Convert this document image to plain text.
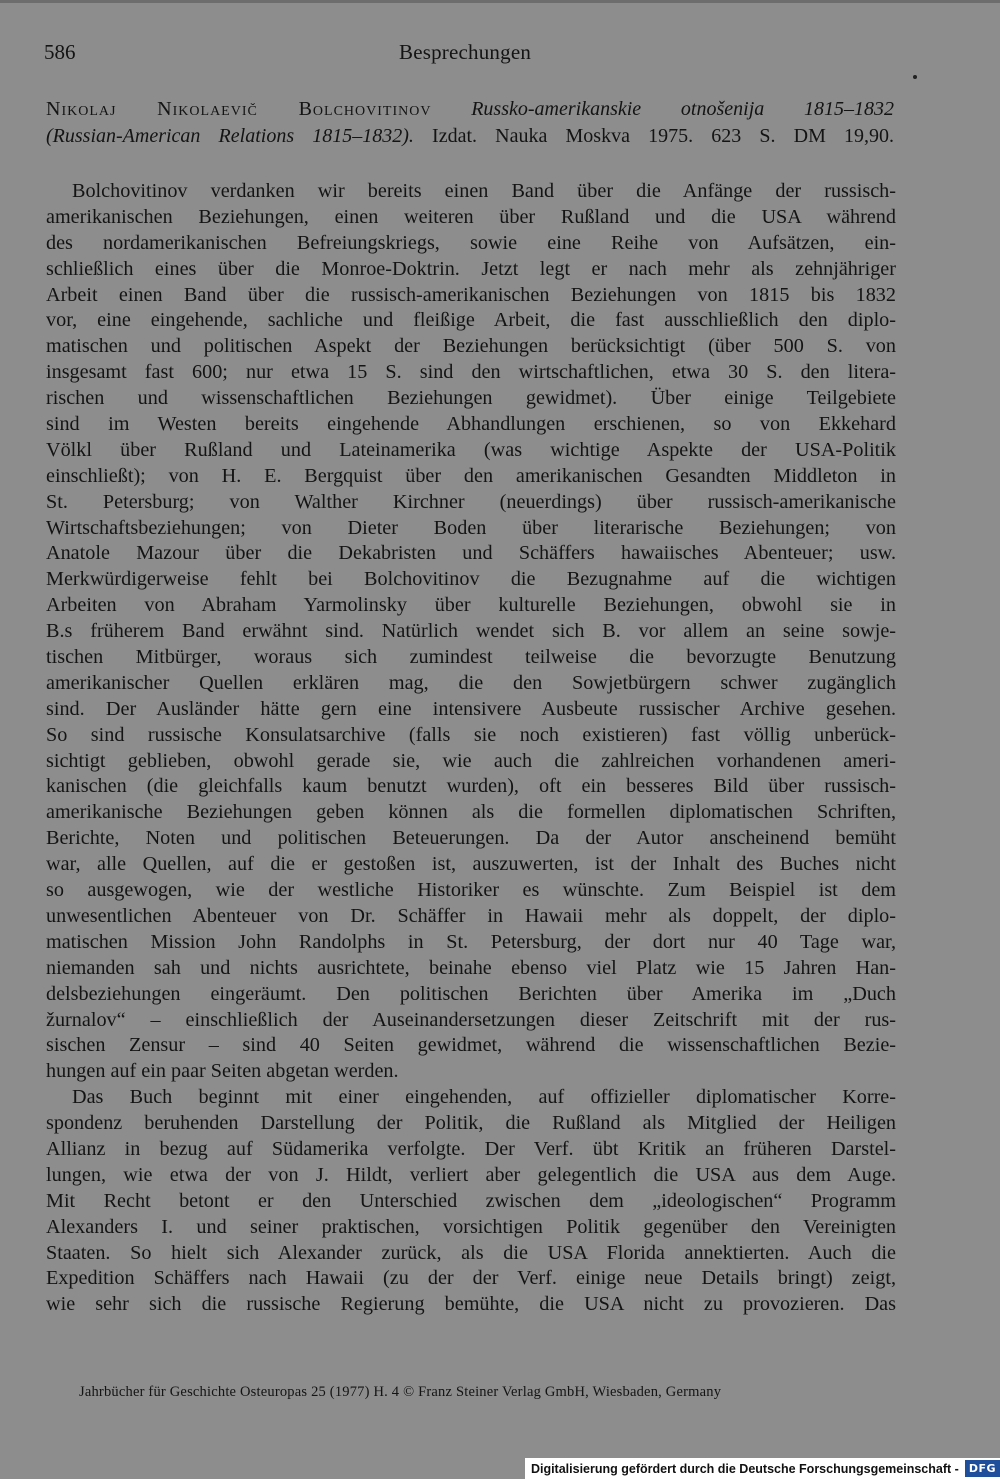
586	Besprechungen
Nikolaj Nikolaevič Bolchovitinov Russko-amerikanskie otnošenija 1815–1832
(Russian-American Relations 1815–1832). Izdat. Nauka Moskva 1975. 623 S. DM 19,90.
Bolchovitinov verdanken wir bereits einen Band über die Anfänge der russisch-
amerikanischen Beziehungen, einen weiteren über Rußland und die USA während
des nordamerikanischen Befreiungskriegs, sowie eine Reihe von Aufsätzen, ein-
schließlich eines über die Monroe-Doktrin. Jetzt legt er nach mehr als zehnjähriger
Arbeit einen Band über die russisch-amerikanischen Beziehungen von 1815 bis 1832
vor, eine eingehende, sachliche und fleißige Arbeit, die fast ausschließlich den diplo-
matischen und politischen Aspekt der Beziehungen berücksichtigt (über 500 S. von
insgesamt fast 600; nur etwa 15 S. sind den wirtschaftlichen, etwa 30 S. den litera-
rischen und wissenschaftlichen Beziehungen gewidmet). Über einige Teilgebiete
sind im Westen bereits eingehende Abhandlungen erschienen, so von Ekkehard
Völkl über Rußland und Lateinamerika (was wichtige Aspekte der USA-Politik
einschließt); von H. E. Bergquist über den amerikanischen Gesandten Middleton in
St. Petersburg; von Walther Kirchner (neuerdings) über russisch-amerikanische
Wirtschaftsbeziehungen; von Dieter Boden über literarische Beziehungen; von
Anatole Mazour über die Dekabristen und Schäffers hawaiisches Abenteuer; usw.
Merkwürdigerweise fehlt bei Bolchovitinov die Bezugnahme auf die wichtigen
Arbeiten von Abraham Yarmolinsky über kulturelle Beziehungen, obwohl sie in
B.s früherem Band erwähnt sind. Natürlich wendet sich B. vor allem an seine sowje-
tischen Mitbürger, woraus sich zumindest teilweise die bevorzugte Benutzung
amerikanischer Quellen erklären mag, die den Sowjetbürgern schwer zugänglich
sind. Der Ausländer hätte gern eine intensivere Ausbeute russischer Archive gesehen.
So sind russische Konsulatsarchive (falls sie noch existieren) fast völlig unberück-
sichtigt geblieben, obwohl gerade sie, wie auch die zahlreichen vorhandenen ameri-
kanischen (die gleichfalls kaum benutzt wurden), oft ein besseres Bild über russisch-
amerikanische Beziehungen geben können als die formellen diplomatischen Schriften,
Berichte, Noten und politischen Beteuerungen. Da der Autor anscheinend bemüht
war, alle Quellen, auf die er gestoßen ist, auszuwerten, ist der Inhalt des Buches nicht
so ausgewogen, wie der westliche Historiker es wünschte. Zum Beispiel ist dem
unwesentlichen Abenteuer von Dr. Schäffer in Hawaii mehr als doppelt, der diplo-
matischen Mission John Randolphs in St. Petersburg, der dort nur 40 Tage war,
niemanden sah und nichts ausrichtete, beinahe ebenso viel Platz wie 15 Jahren Han-
delsbeziehungen eingeräumt. Den politischen Berichten über Amerika im „Duch
žurnalov“ – einschließlich der Auseinandersetzungen dieser Zeitschrift mit der rus-
sischen Zensur – sind 40 Seiten gewidmet, während die wissenschaftlichen Bezie-
hungen auf ein paar Seiten abgetan werden.
Das Buch beginnt mit einer eingehenden, auf offizieller diplomatischer Korre-
spondenz beruhenden Darstellung der Politik, die Rußland als Mitglied der Heiligen
Allianz in bezug auf Südamerika verfolgte. Der Verf. übt Kritik an früheren Darstel-
lungen, wie etwa der von J. Hildt, verliert aber gelegentlich die USA aus dem Auge.
Mit Recht betont er den Unterschied zwischen dem „ideologischen“ Programm
Alexanders I. und seiner praktischen, vorsichtigen Politik gegenüber den Vereinigten
Staaten. So hielt sich Alexander zurück, als die USA Florida annektierten. Auch die
Expedition Schäffers nach Hawaii (zu der der Verf. einige neue Details bringt) zeigt,
wie sehr sich die russische Regierung bemühte, die USA nicht zu provozieren. Das
Jahrbücher für Geschichte Osteuropas 25 (1977) H. 4 © Franz Steiner Verlag GmbH, Wiesbaden, Germany
Digitalisierung gefördert durch die Deutsche Forschungsgemeinschaft - DFG
